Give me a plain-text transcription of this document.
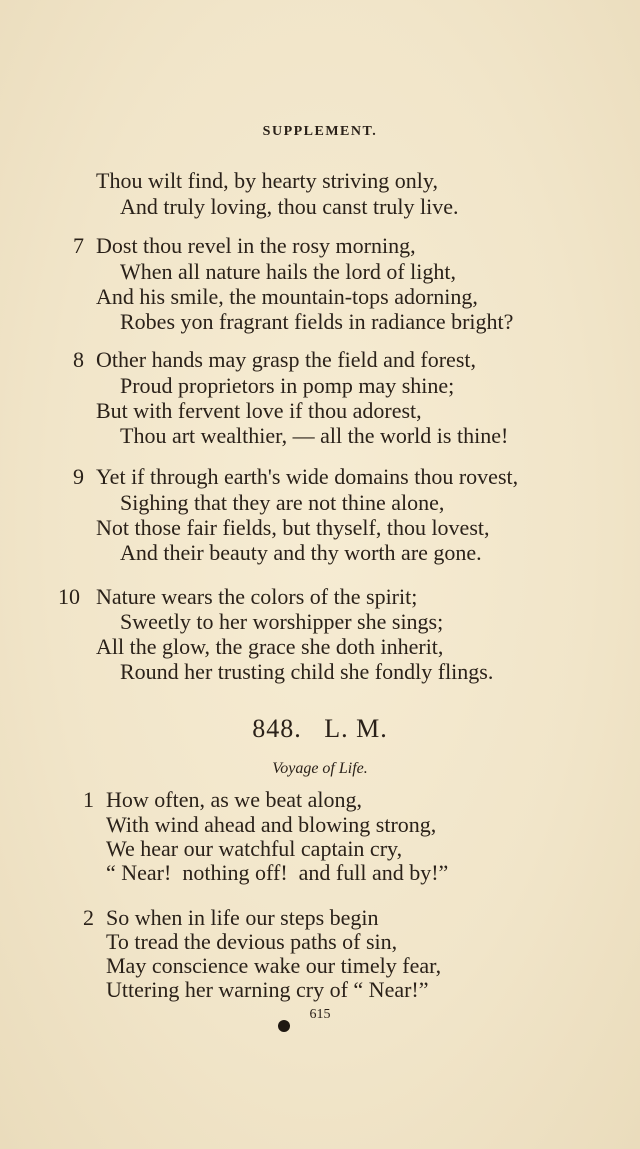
SUPPLEMENT.
Thou wilt find, by hearty striving only,
And truly loving, thou canst truly live.
7 Dost thou revel in the rosy morning,
When all nature hails the lord of light,
And his smile, the mountain-tops adorning,
Robes yon fragrant fields in radiance bright?
8 Other hands may grasp the field and forest,
Proud proprietors in pomp may shine;
But with fervent love if thou adorest,
Thou art wealthier, — all the world is thine!
9 Yet if through earth's wide domains thou rovest,
Sighing that they are not thine alone,
Not those fair fields, but thyself, thou lovest,
And their beauty and thy worth are gone.
10 Nature wears the colors of the spirit;
Sweetly to her worshipper she sings;
All the glow, the grace she doth inherit,
Round her trusting child she fondly flings.
848.   L. M.
Voyage of Life.
1 How often, as we beat along,
With wind ahead and blowing strong,
We hear our watchful captain cry,
“ Near!  nothing off!  and full and by!”
2 So when in life our steps begin
To tread the devious paths of sin,
May conscience wake our timely fear,
Uttering her warning cry of “ Near!”
615
